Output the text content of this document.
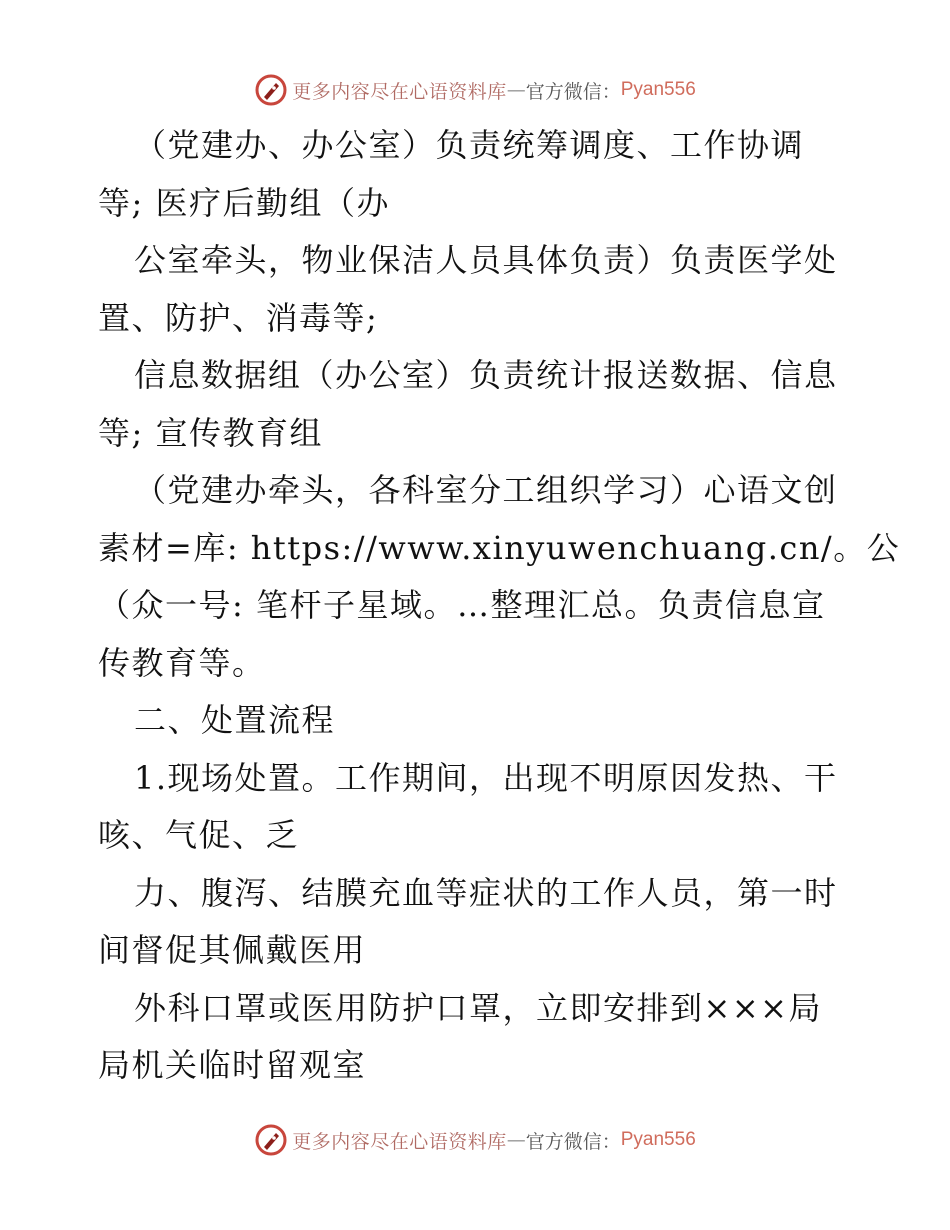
更多内容尽在心语资料库 — 官方微信： Pyan556
（党建办、办公室）负责统筹调度、工作协调
等; 医疗后勤组（办
公室牵头，物业保洁人员具体负责）负责医学处
置、防护、消毒等;
信息数据组（办公室）负责统计报送数据、信息
等; 宣传教育组
（党建办牵头，各科室分工组织学习）心语文创
素材=库: https://www.xinyuwenchuang.cn/。公
（众一号: 笔杆子星域。…整理汇总。负责信息宣
传教育等。
二、处置流程
1.现场处置。工作期间，出现不明原因发热、干
咳、气促、乏
力、腹泻、结膜充血等症状的工作人员，第一时
间督促其佩戴医用
外科口罩或医用防护口罩，立即安排到×××局
局机关临时留观室
更多内容尽在心语资料库 — 官方微信： Pyan556
